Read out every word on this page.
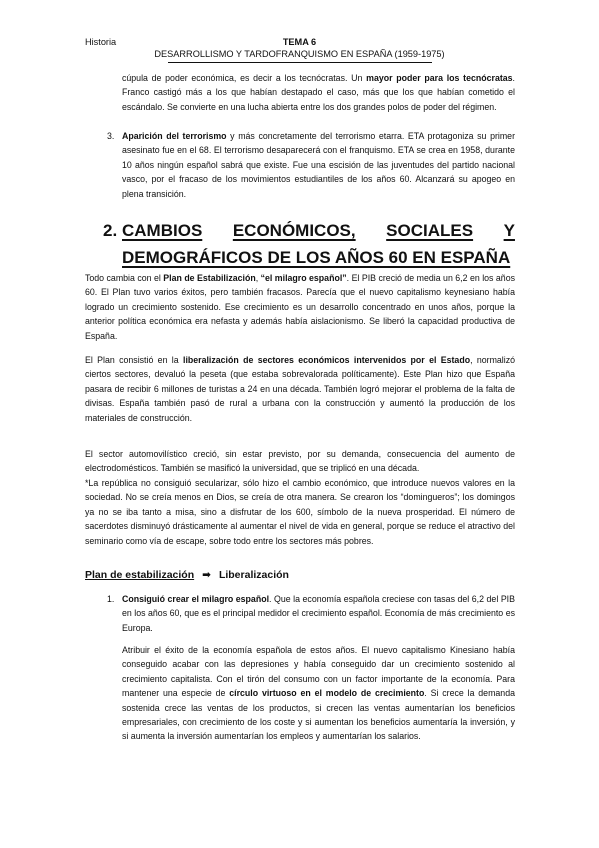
Historia	TEMA 6
DESARROLLISMO Y TARDOFRANQUISMO EN ESPAÑA (1959-1975)

cúpula de poder económica, es decir a los tecnócratas. Un mayor poder para los tecnócratas. Franco castigó más a los que habían destapado el caso, más que los que habían cometido el escándalo. Se convierte en una lucha abierta entre los dos grandes polos de poder del régimen.

3. Aparición del terrorismo y más concretamente del terrorismo etarra. ETA protagoniza su primer asesinato fue en el 68. El terrorismo desaparecerá con el franquismo. ETA se crea en 1958, durante 10 años ningún español sabrá que existe. Fue una escisión de las juventudes del partido nacional vasco, por el fracaso de los movimientos estudiantiles de los años 60. Alcanzará su apogeo en plena transición.

2. CAMBIOS ECONÓMICOS, SOCIALES Y
DEMOGRÁFICOS DE LOS AÑOS 60 EN ESPAÑA

Todo cambia con el Plan de Estabilización, “el milagro español”. El PIB creció de media un 6,2 en los años 60. El Plan tuvo varios éxitos, pero también fracasos. Parecía que el nuevo capitalismo keynesiano había logrado un crecimiento sostenido. Ese crecimiento es un desarrollo concentrado en unos años, porque la anterior política económica era nefasta y además había aislacionismo. Se liberó la capacidad productiva de España.

El Plan consistió en la liberalización de sectores económicos intervenidos por el Estado, normalizó ciertos sectores, devaluó la peseta (que estaba sobrevalorada políticamente). Este Plan hizo que España pasara de recibir 6 millones de turistas a 24 en una década. También logró mejorar el problema de la falta de divisas. España también pasó de rural a urbana con la construcción y aumentó la producción de los materiales de construcción.

El sector automovilístico creció, sin estar previsto, por su demanda, consecuencia del aumento de electrodomésticos. También se masificó la universidad, que se triplicó en una década.

*La república no consiguió secularizar, sólo hizo el cambio económico, que introduce nuevos valores en la sociedad. No se creía menos en Dios, se creía de otra manera. Se crearon los “domingueros”; los domingos ya no se iba tanto a misa, sino a disfrutar de los 600, símbolo de la nueva prosperidad. El número de sacerdotes disminuyó drásticamente al aumentar el nivel de vida en general, porque se reduce el atractivo del seminario como vía de escape, sobre todo entre los sectores más pobres.

Plan de estabilización ➡ Liberalización
1. Consiguió crear el milagro español. Que la economía española creciese con tasas del 6,2 del PIB en los años 60, que es el principal medidor el crecimiento español. Economía de más crecimiento es Europa.

Atribuir el éxito de la economía española de estos años. El nuevo capitalismo Kinesiano había conseguido acabar con las depresiones y había conseguido dar un crecimiento sostenido al crecimiento capitalista. Con el tirón del consumo con un factor importante de la economía. Para mantener una especie de círculo virtuoso en el modelo de crecimiento. Si crece la demanda sostenida crece las ventas de los productos, si crecen las ventas aumentarían los beneficios empresariales, con crecimiento de los coste y si aumentan los beneficios aumentaría la inversión, y si aumenta la inversión aumentarían los empleos y aumentarían los salarios.
